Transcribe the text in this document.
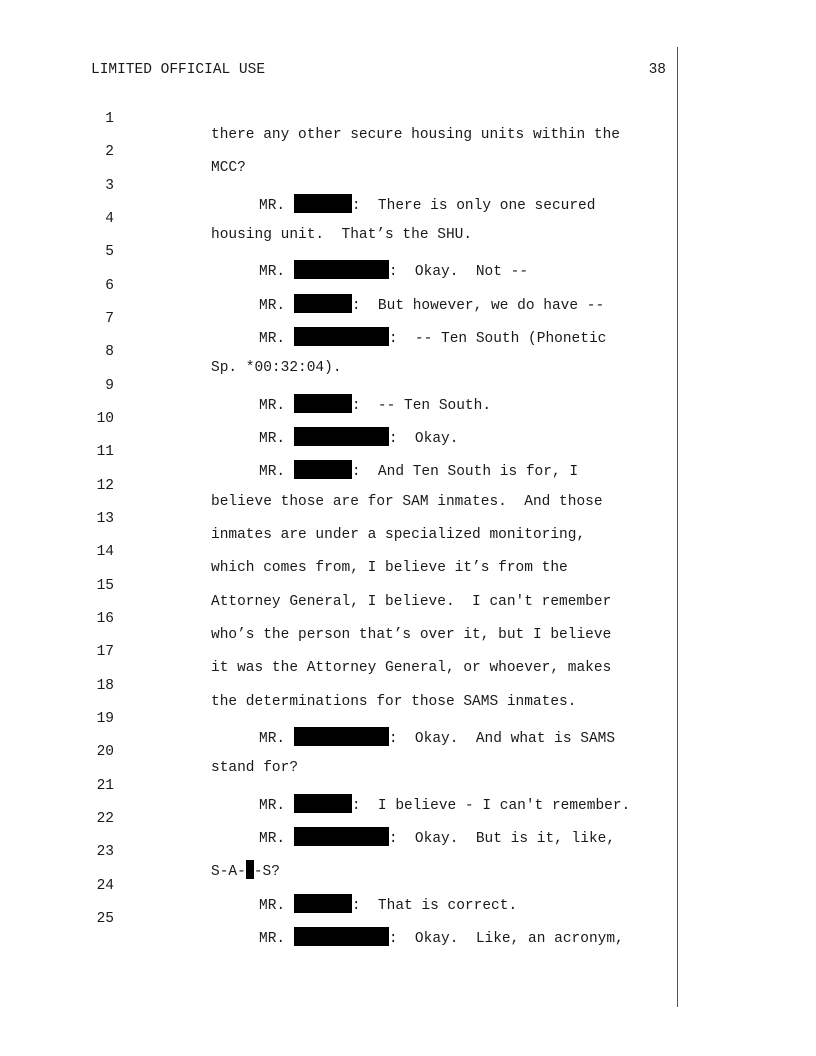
LIMITED OFFICIAL USE	38

1

there any other secure housing units within the

2

MCC?

3

MR.	:  There is only one secured

4

housing unit.  That’s the SHU.

5

MR.	:  Okay.  Not --

6

MR.	:  But however, we do have --

7

MR.	:  -- Ten South (Phonetic

8

Sp. *00:32:04).

9

MR.	:  -- Ten South.

10

MR.	:  Okay.

11

MR.	:  And Ten South is for, I

12

believe those are for SAM inmates.  And those

13

inmates are under a specialized monitoring,

14

which comes from, I believe it’s from the

15

Attorney General, I believe.  I can't remember

16

who’s the person that’s over it, but I believe

17

it was the Attorney General, or whoever, makes

18

the determinations for those SAMS inmates.

19

MR.	:  Okay.  And what is SAMS

20

stand for?

21

MR.	:  I believe - I can't remember.

22

MR.	:  Okay.  But is it, like,

23

S-A- -S?

24

MR.	:  That is correct.

25

MR.	:  Okay.  Like, an acronym,
